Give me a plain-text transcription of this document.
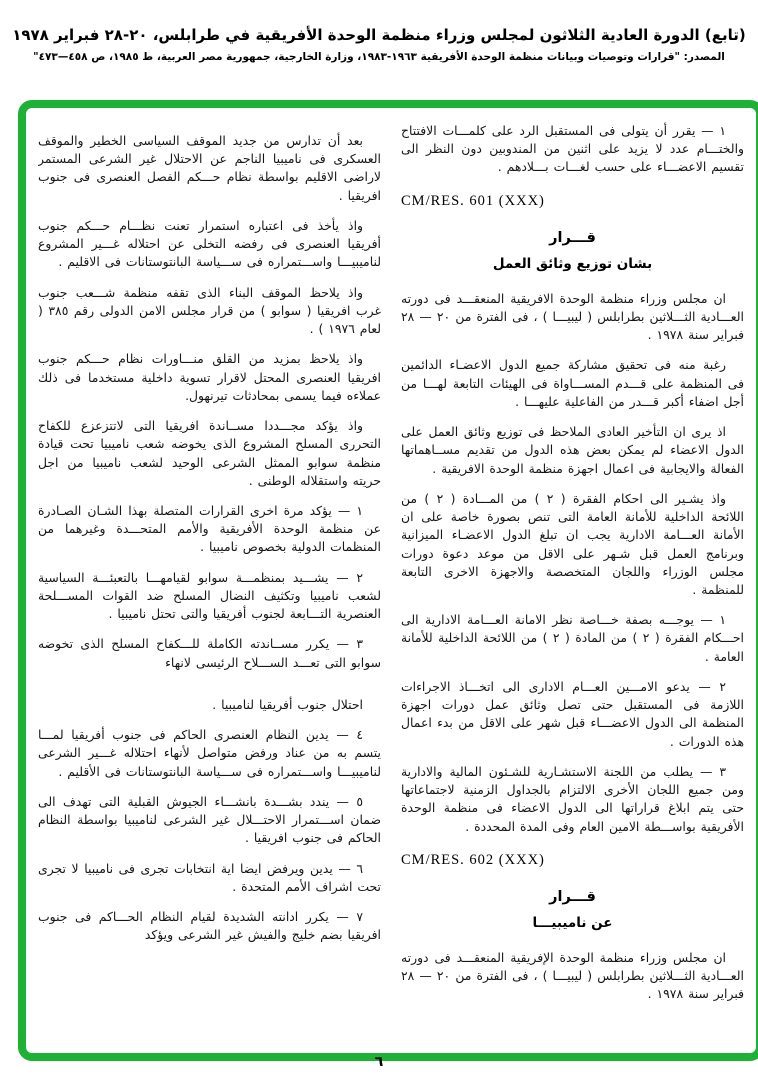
(تابع) الدورة العادية الثلاثون لمجلس وزراء منظمة الوحدة الأفريقية في طرابلس، ٢٠-٢٨ فبراير ١٩٧٨
المصدر: "قرارات وتوصيات وبيانات منظمة الوحدة الأفريقية ١٩٦٣-١٩٨٣، وزارة الخارجية، جمهورية مصر العربية، ط ١٩٨٥، ص ٤٥٨—٤٧٣"
١ — يقرر أن يتولى فى المستقبل الرد على كلمـــات الافتتاح والختـــام عدد لا يزيد على اثنين من المندوبين دون النظر الى تقسيم الاعضـــاء على حسب لغـــات بـــلادهم .
CM/RES. 601 (XXX)
قـــرار
بشان توزيع وثائق العمل
ان مجلس وزراء منظمة الوحدة الافريقية المنعقـــد فى دورته العـــادية الثـــلاثين بطرابلس ( ليبيـــا ) ، فى الفترة من ٢٠ — ٢٨ فبراير سنة ١٩٧٨ .
رغبة منه فى تحقيق مشاركة جميع الدول الاعضـاء الدائمين فى المنظمة على قـــدم المســـاواة فى الهيئات التابعة لهـــا من أجل اضفاء أكبر قـــدر من الفاعلية عليهـــا .
اذ يرى ان التأخير العادى الملاحظ فى توزيع وثائق العمل على الدول الاعضاء لم يمكن بعض هذه الدول من تقديم مســاهماتها الفعالة والايجابية فى اعمال اجهزة منظمة الوحدة الافريقية .
واذ يشـير الى احكام الفقرة ( ٢ ) من المـــادة ( ٢ ) من اللائحة الداخلية للأمانة العامة التى تنص بصورة خاصة على ان الأمانة العـــامة الادارية يجب ان تبلغ الدول الاعضـاء الميزانية وبرنامج العمل قبل شـهر على الاقل من موعد دعوة دورات مجلس الوزراء واللجان المتخصصة والاجهزة الاخرى التابعة للمنظمة .
١ — يوجـــه بصفة خـــاصة نظر الامانة العـــامة الادارية الى احـــكام الفقرة ( ٢ ) من المادة ( ٢ ) من اللائحة الداخلية للأمانة العامة .
٢ — يدعو الامـــين العـــام الادارى الى اتخـــاذ الاجراءات اللازمة فى المستقبل حتى تصل وثائق عمل دورات اجهزة المنظمة الى الدول الاعضـــاء قبل شهر على الاقل من بدء اعمال هذه الدورات .
٣ — يطلب من اللجنة الاستشـارية للشـئون المالية والادارية ومن جميع اللجان الأخرى الالتزام بالجداول الزمنية لاجتماعاتها حتى يتم ابلاغ قراراتها الى الدول الاعضاء فى منظمة الوحدة الأفريقية بواســـطة الامين العام وفى المدة المحددة .
CM/RES. 602 (XXX)
قـــرار
عن ناميبيـــا
ان مجلس وزراء منظمة الوحدة الإفريقية المنعقـــد فى دورته العـــادية الثـــلاثين بطرابلس ( ليبيـــا ) ، فى الفترة من ٢٠ — ٢٨ فبراير سنة ١٩٧٨ .
بعد أن تدارس من جديد الموقف السياسى الخطير والموقف العسكرى فى ناميبيا الناجم عن الاحتلال غير الشرعى المستمر لاراضى الاقليم بواسطة نظام حـــكم الفصل العنصرى فى جنوب افريقيا .
واذ يأخذ فى اعتباره استمرار تعنت نظـــام حـــكم جنوب أفريقيا العنصرى فى رفضه التخلى عن احتلاله غـــير المشروع لناميبيـــا واســـتمراره فى ســـياسة البانتوستانات فى الاقليم .
واذ يلاحظ الموقف البناء الذى تقفه منظمة شـــعب جنوب غرب افريقيا ( سوابو ) من قرار مجلس الامن الدولى رقم ٣٨٥ ( لعام ١٩٧٦ ) .
واذ يلاحظ بمزيد من القلق منـــاورات نظام حـــكم جنوب افريقيا العنصرى المحتل لاقرار تسوية داخلية مستخدما فى ذلك عملاءه فيما يسمى بمحادثات تيرنهول.
واذ يؤكد مجـــددا مســاندة افريقيا التى لاتتزعزع للكفاح التحررى المسلح المشروع الذى يخوضه شعب ناميبيا تحت قيادة منظمة سوابو الممثل الشرعى الوحيد لشعب ناميبيا من اجل حريته واستقلاله الوطنى .
١ — يؤكد مرة اخرى القرارات المتصلة بهذا الشـان الصـادرة عن منظمة الوحدة الأفريقية والأمم المتحـــدة وغيرهما من المنظمات الدولية بخصوص ناميبيا .
٢ — يشـــيد بمنظمـــة سوابو لقيامهـــا بالتعبئـــة السياسية لشعب ناميبيا وتكثيف النضال المسلح ضد القوات المســـلحة العنصرية التـــابعة لجنوب أفريقيا والتى تحتل ناميبيا .
٣ — يكرر مســاندته الكاملة للـــكفاح المسلح الذى تخوضه سوابو التى تعـــد الســـلاح الرئيسى لانهاء
احتلال جنوب أفريقيا لناميبيا .
٤ — يدين النظام العنصرى الحاكم فى جنوب أفريقيا لمـــا يتسم به من عناد ورفض متواصل لأنهاء احتلاله غـــير الشرعى لناميبيـــا واســـتمراره فى ســـياسة البانتوستانات فى الأقليم .
٥ — يندد بشـــدة بانشـــاء الجيوش القبلية التى تهدف الى ضمان اســـتمرار الاحتـــلال غير الشرعى لناميبيا بواسطة النظام الحاكم فى جنوب افريقيا .
٦ — يدين ويرفض ايضا اية انتخابات تجرى فى ناميبيا لا تجرى تحت اشراف الأمم المتحدة .
٧ — يكرر ادانته الشديدة لقيام النظام الحـــاكم فى جنوب افريقيا بضم خليج والفيش غير الشرعى ويؤكد
٦
